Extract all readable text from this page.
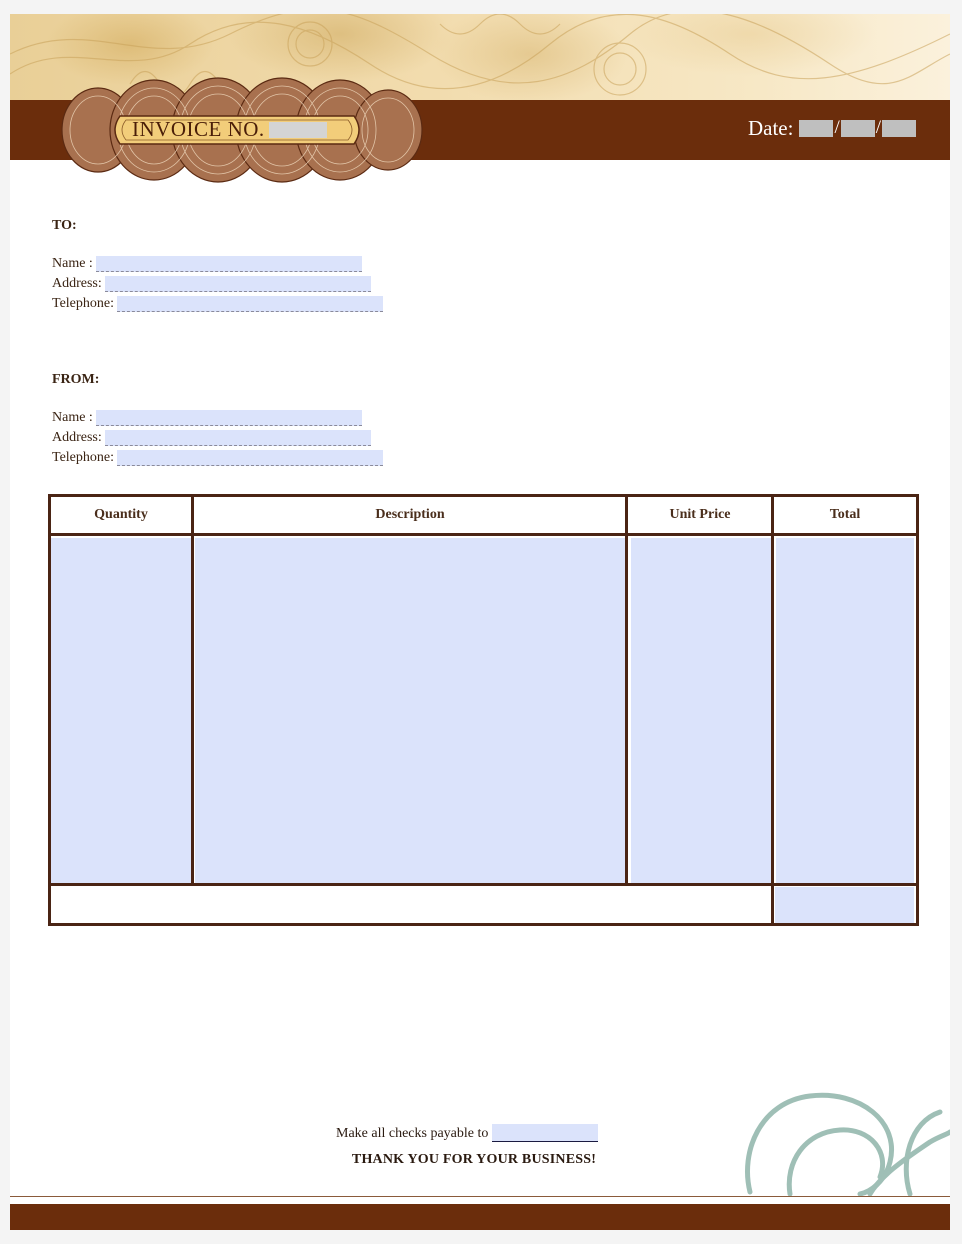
INVOICE NO.	Date: / /
TO:
Name :
Address:
Telephone:
FROM:
Name :
Address:
Telephone:
Quantity	Description	Unit Price	Total
Make all checks payable to
THANK YOU FOR YOUR BUSINESS!
